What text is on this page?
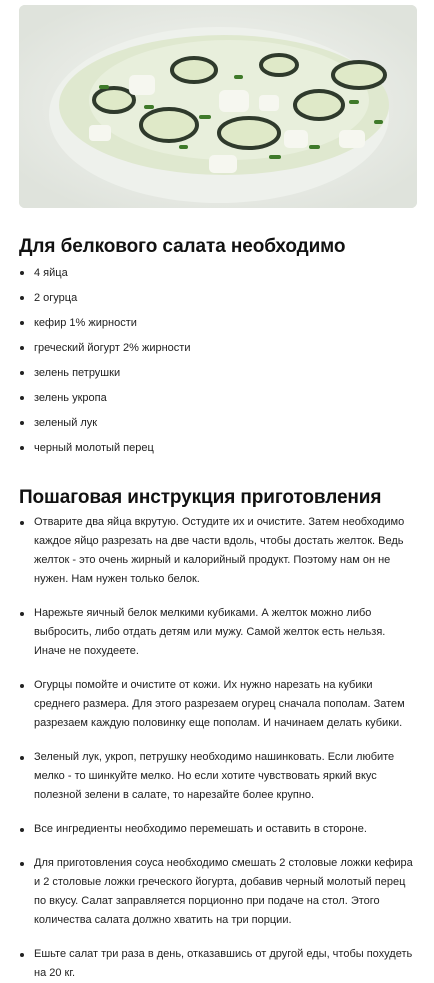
Для белкового салата необходимо
4 яйца
2 огурца
кефир 1% жирности
греческий йогурт 2% жирности
зелень петрушки
зелень укропа
зеленый лук
черный молотый перец
Пошаговая инструкция приготовления
Отварите два яйца вкрутую. Остудите их и очистите. Затем необходимо каждое яйцо разрезать на две части вдоль, чтобы достать желток. Ведь желток - это очень жирный и калорийный продукт. Поэтому нам он не нужен. Нам нужен только белок.
Нарежьте яичный белок мелкими кубиками. А желток можно либо выбросить, либо отдать детям или мужу. Самой желток есть нельзя. Иначе не похудеете.
Огурцы помойте и очистите от кожи. Их нужно нарезать на кубики среднего размера. Для этого разрезаем огурец сначала пополам. Затем разрезаем каждую половинку еще пополам. И начинаем делать кубики.
Зеленый лук, укроп, петрушку необходимо нашинковать. Если любите мелко - то шинкуйте мелко. Но если хотите чувствовать яркий вкус полезной зелени в салате, то нарезайте более крупно.
Все ингредиенты необходимо перемешать и оставить в стороне.
Для приготовления соуса необходимо смешать 2 столовые ложки кефира и 2 столовые ложки греческого йогурта, добавив черный молотый перец по вкусу. Салат заправляется порционно при подаче на стол. Этого количества салата должно хватить на три порции.
Ешьте салат три раза в день, отказавшись от другой еды, чтобы похудеть на 20 кг.
